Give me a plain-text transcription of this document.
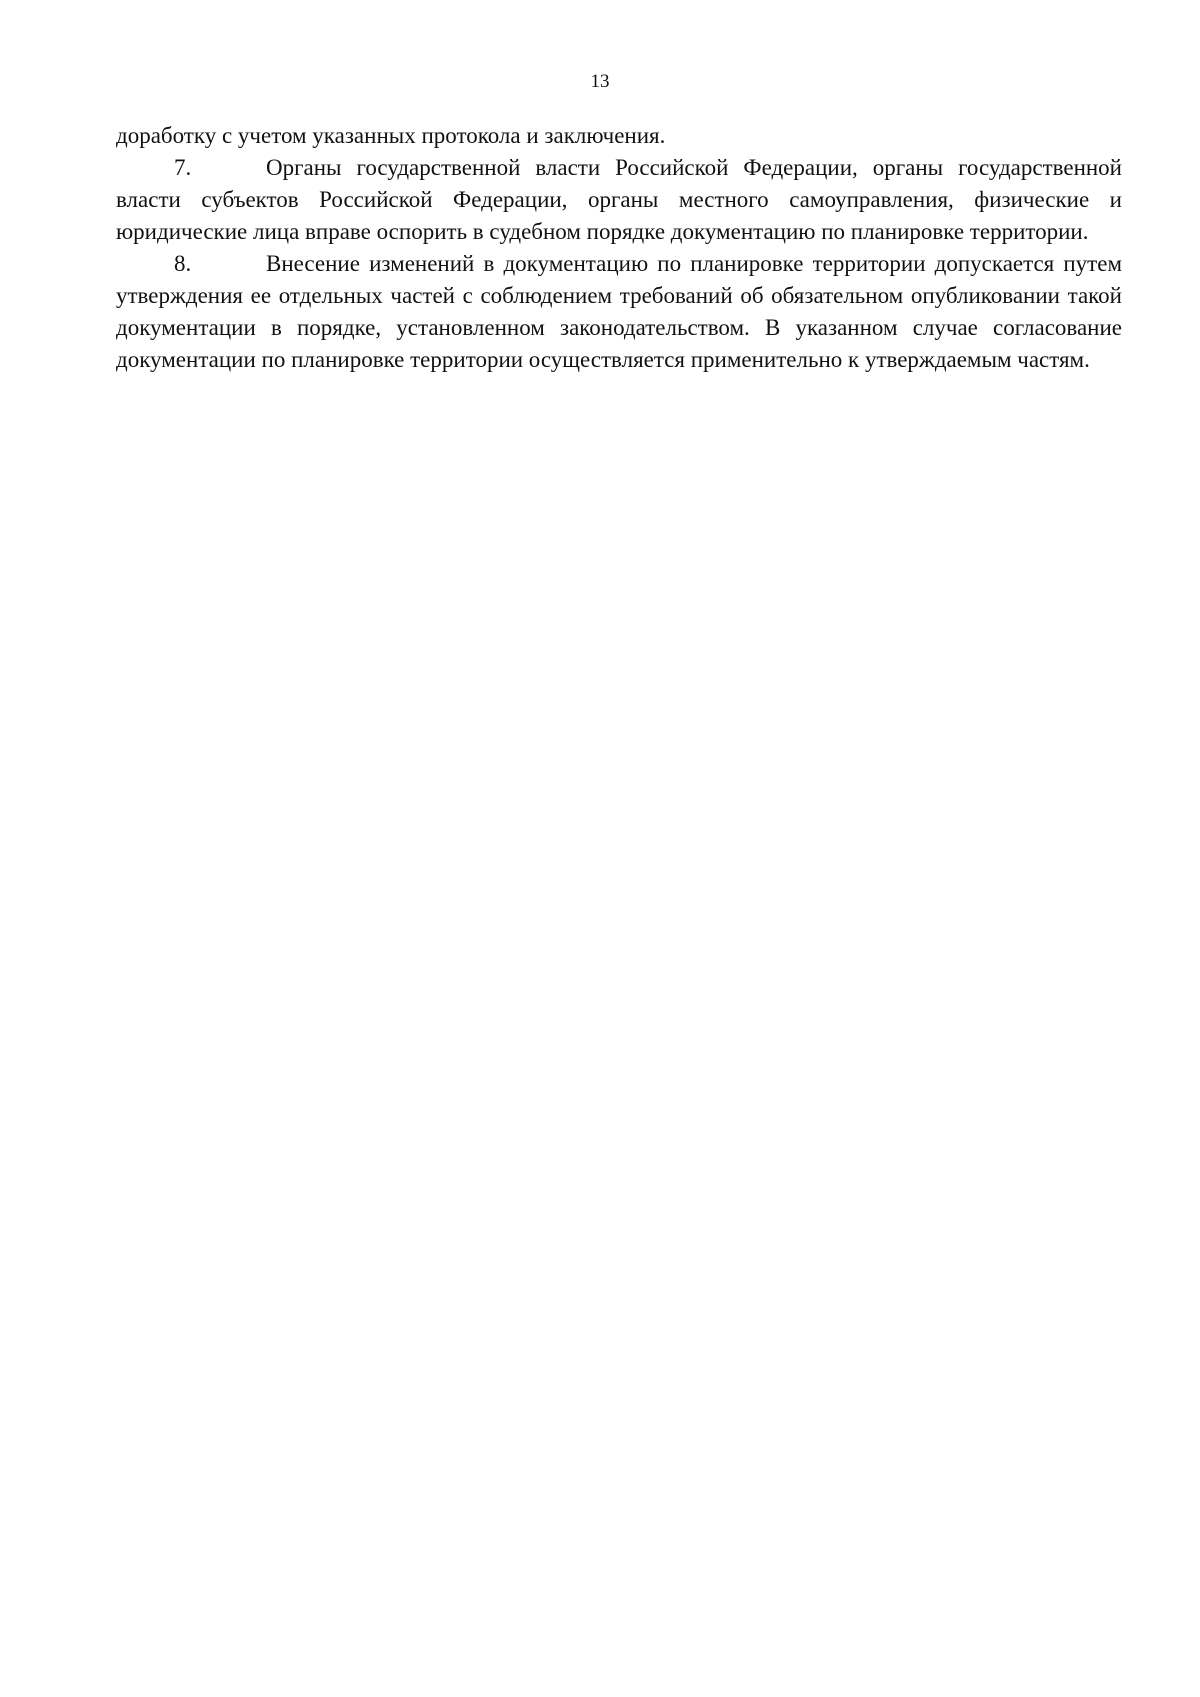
13

доработку с учетом указанных протокола и заключения.

7.	Органы государственной власти Российской Федерации, органы государственной власти субъектов Российской Федерации, органы местного самоуправления, физические и юридические лица вправе оспорить в судебном порядке документацию по планировке территории.

8.	Внесение изменений в документацию по планировке территории допускается путем утверждения ее отдельных частей с соблюдением требований об обязательном опубликовании такой документации в порядке, установленном законодательством. В указанном случае согласование документации по планировке территории осуществляется применительно к утверждаемым частям.
